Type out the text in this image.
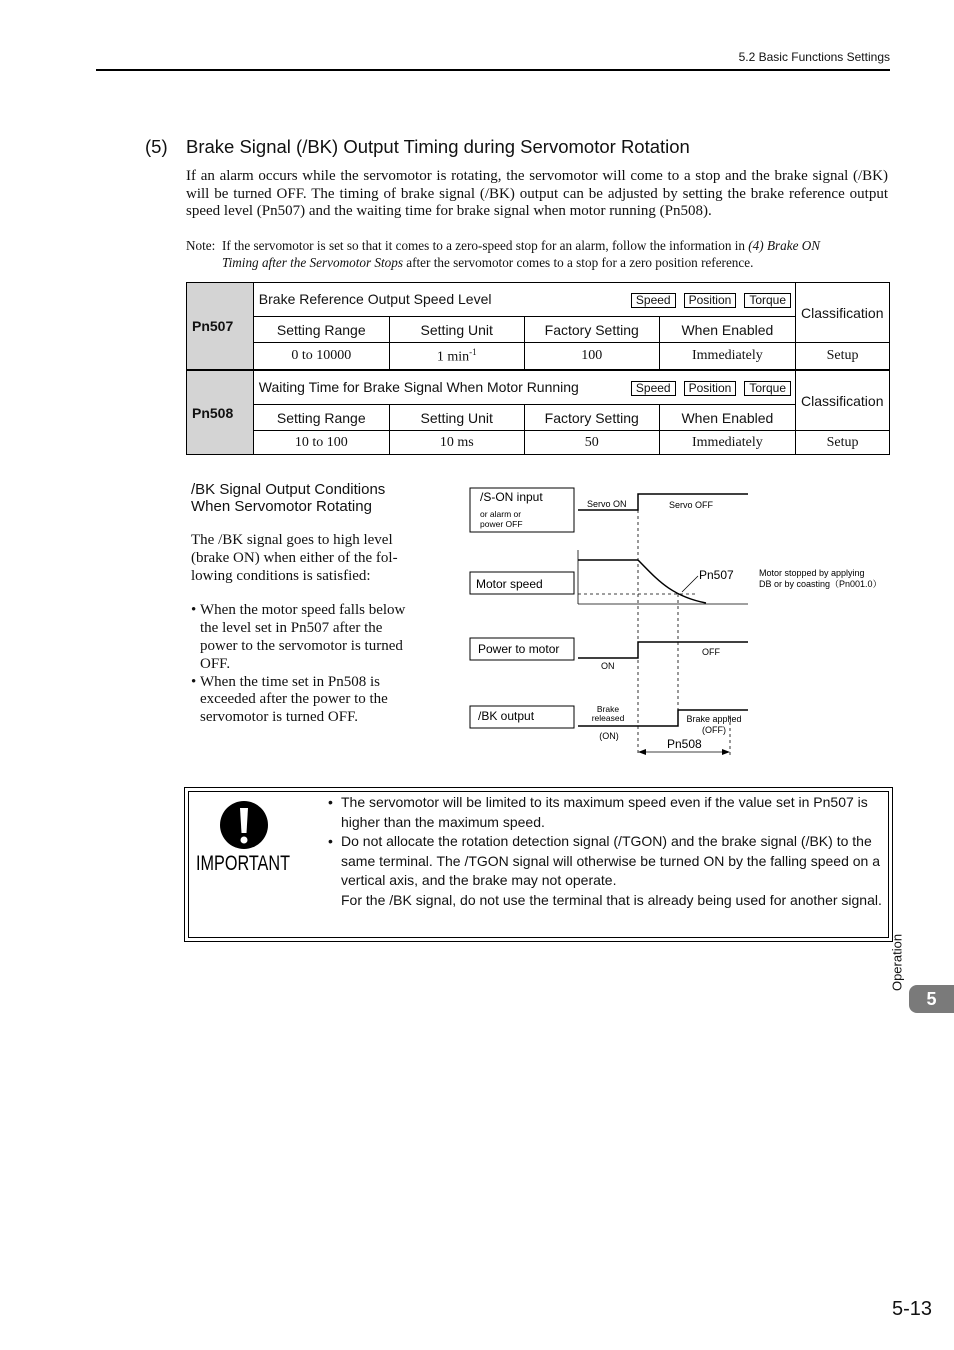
5.2 Basic Functions Settings
(5) Brake Signal (/BK) Output Timing during Servomotor Rotation
If an alarm occurs while the servomotor is rotating, the servomotor will come to a stop and the brake signal (/BK) will be turned OFF. The timing of brake signal (/BK) output can be adjusted by setting the brake reference output speed level (Pn507) and the waiting time for brake signal when motor running (Pn508).
Note: If the servomotor is set so that it comes to a zero-speed stop for an alarm, follow the information in (4) Brake ON
Timing after the Servomotor Stops after the servomotor comes to a stop for a zero position reference.
Pn507	Brake Reference Output Speed Level Speed Position Torque				Classification
	Setting Range	Setting Unit	Factory Setting	When Enabled	
	0 to 10000	1 $\min^{-1}$	100	Immediately	Setup
Pn508	Waiting Time for Brake Signal When Motor Running Speed Position Torque				Classification
	Setting Range	Setting Unit	Factory Setting	When Enabled	
	10 to 100	10 ms	50	Immediately	Setup
/BK Signal Output Conditions
When Servomotor Rotating
The /BK signal goes to high level (brake ON) when either of the following conditions is satisfied:
• When the motor speed falls below the level set in Pn507 after the power to the servomotor is turned OFF.
• When the time set in Pn508 is exceeded after the power to the servomotor is turned OFF.
/S-ON input
or alarm or
power OFF
Servo ON	Servo OFF
Motor speed
Pn507	Motor stopped by applying
DB or by coasting（Pn001.0）
Power to motor
ON
OFF
/BK output	Brake
released
(ON)
Brake applied
(OFF)
Pn508
IMPORTANT
• The servomotor will be limited to its maximum speed even if the value set in Pn507 is higher than the maximum speed.
• Do not allocate the rotation detection signal (/TGON) and the brake signal (/BK) to the same terminal. The /TGON signal will otherwise be turned ON by the falling speed on a vertical axis, and the brake may not operate.
For the /BK signal, do not use the terminal that is already being used for another signal.
Operation
5
5-13
